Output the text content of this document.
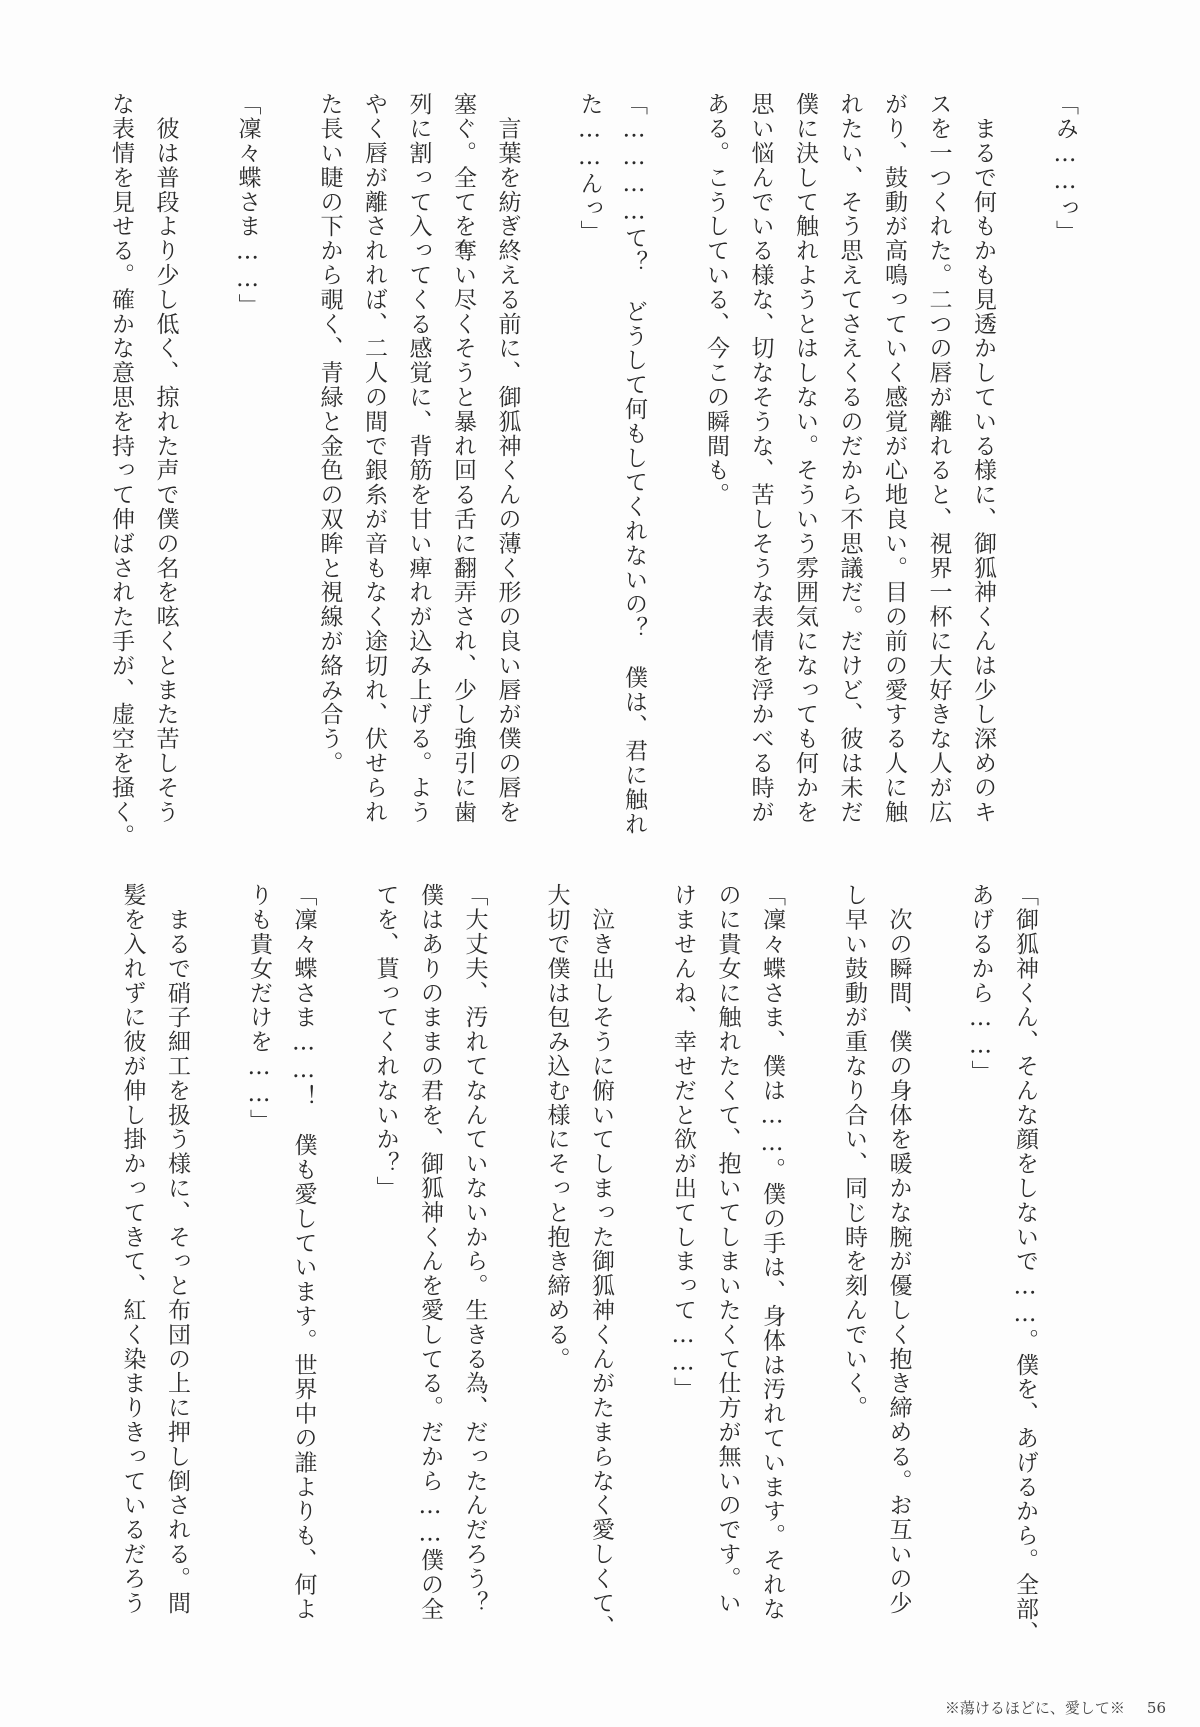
「み……っ」
　まるで何もかも見透かしている様に、御狐神くんは少し深めのキ
スを一つくれた。二つの唇が離れると、視界一杯に大好きな人が広
がり、鼓動が高鳴っていく感覚が心地良い。目の前の愛する人に触
れたい、そう思えてさえくるのだから不思議だ。だけど、彼は未だ
僕に決して触れようとはしない。そういう雰囲気になっても何かを
思い悩んでいる様な、切なそうな、苦しそうな表情を浮かべる時が
ある。こうしている、今この瞬間も。
「…………て？　どうして何もしてくれないの？　僕は、君に触れ
た……んっ」
　言葉を紡ぎ終える前に、御狐神くんの薄く形の良い唇が僕の唇を
塞ぐ。全てを奪い尽くそうと暴れ回る舌に翻弄され、少し強引に歯
列に割って入ってくる感覚に、背筋を甘い痺れが込み上げる。よう
やく唇が離されれば、二人の間で銀糸が音もなく途切れ、伏せられ
た長い睫の下から覗く、青緑と金色の双眸と視線が絡み合う。
「凜々蝶さま……」
　彼は普段より少し低く、掠れた声で僕の名を呟くとまた苦しそう
な表情を見せる。確かな意思を持って伸ばされた手が、虚空を掻く。
「御狐神くん、そんな顔をしないで……。僕を、あげるから。全部、
あげるから……」
　次の瞬間、僕の身体を暖かな腕が優しく抱き締める。お互いの少
し早い鼓動が重なり合い、同じ時を刻んでいく。
「凜々蝶さま、僕は……。僕の手は、身体は汚れています。それな
のに貴女に触れたくて、抱いてしまいたくて仕方が無いのです。い
けませんね、幸せだと欲が出てしまって……」
　泣き出しそうに俯いてしまった御狐神くんがたまらなく愛しくて、
大切で僕は包み込む様にそっと抱き締める。
「大丈夫、汚れてなんていないから。生きる為、だったんだろう？
僕はありのままの君を、御狐神くんを愛してる。だから……僕の全
てを、貰ってくれないか？」
「凜々蝶さま……！　僕も愛しています。世界中の誰よりも、何よ
りも貴女だけを……」
　まるで硝子細工を扱う様に、そっと布団の上に押し倒される。間
髪を入れずに彼が伸し掛かってきて、紅く染まりきっているだろう
※蕩けるほどに、愛して※ 56
